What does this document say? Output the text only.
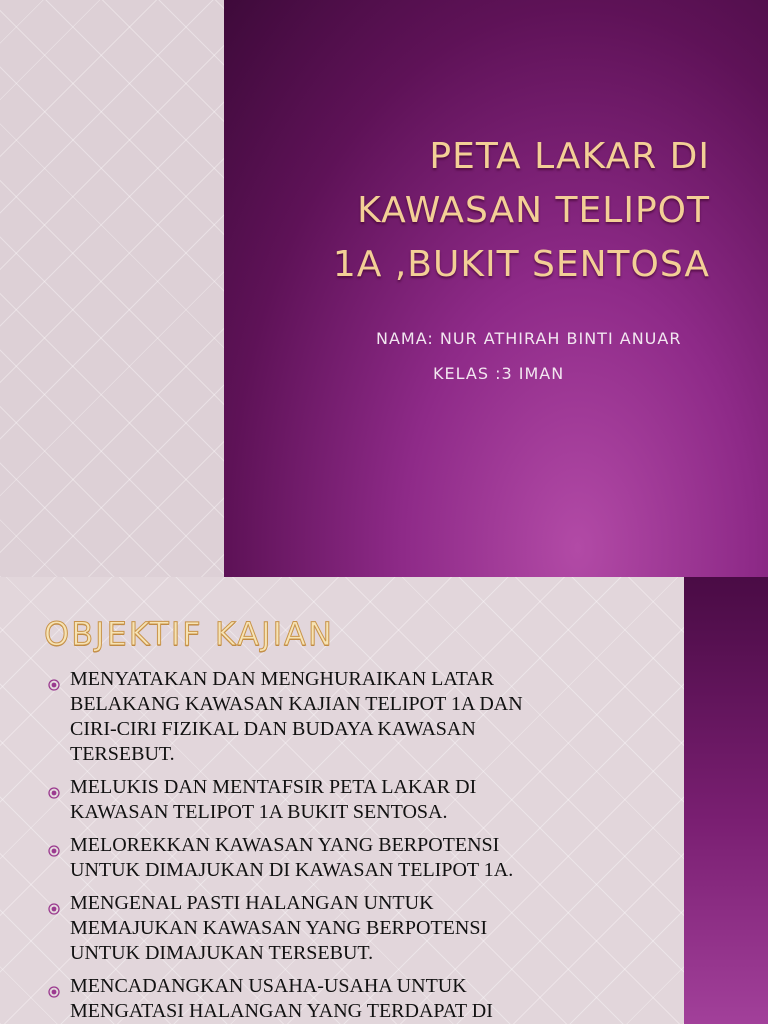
PETA LAKAR DI
KAWASAN TELIPOT
1A ,BUKIT SENTOSA
NAMA: NUR ATHIRAH BINTI ANUAR
KELAS :3 IMAN
OBJEKTIF KAJIAN
MENYATAKAN DAN MENGHURAIKAN LATAR
BELAKANG KAWASAN KAJIAN TELIPOT 1A DAN
CIRI-CIRI FIZIKAL DAN BUDAYA KAWASAN
TERSEBUT.
MELUKIS DAN MENTAFSIR PETA LAKAR DI
KAWASAN TELIPOT 1A BUKIT SENTOSA.
MELOREKKAN KAWASAN YANG BERPOTENSI
UNTUK DIMAJUKAN DI KAWASAN TELIPOT 1A.
MENGENAL PASTI HALANGAN UNTUK
MEMAJUKAN KAWASAN YANG BERPOTENSI
UNTUK DIMAJUKAN TERSEBUT.
MENCADANGKAN USAHA-USAHA UNTUK
MENGATASI HALANGAN YANG TERDAPAT DI
